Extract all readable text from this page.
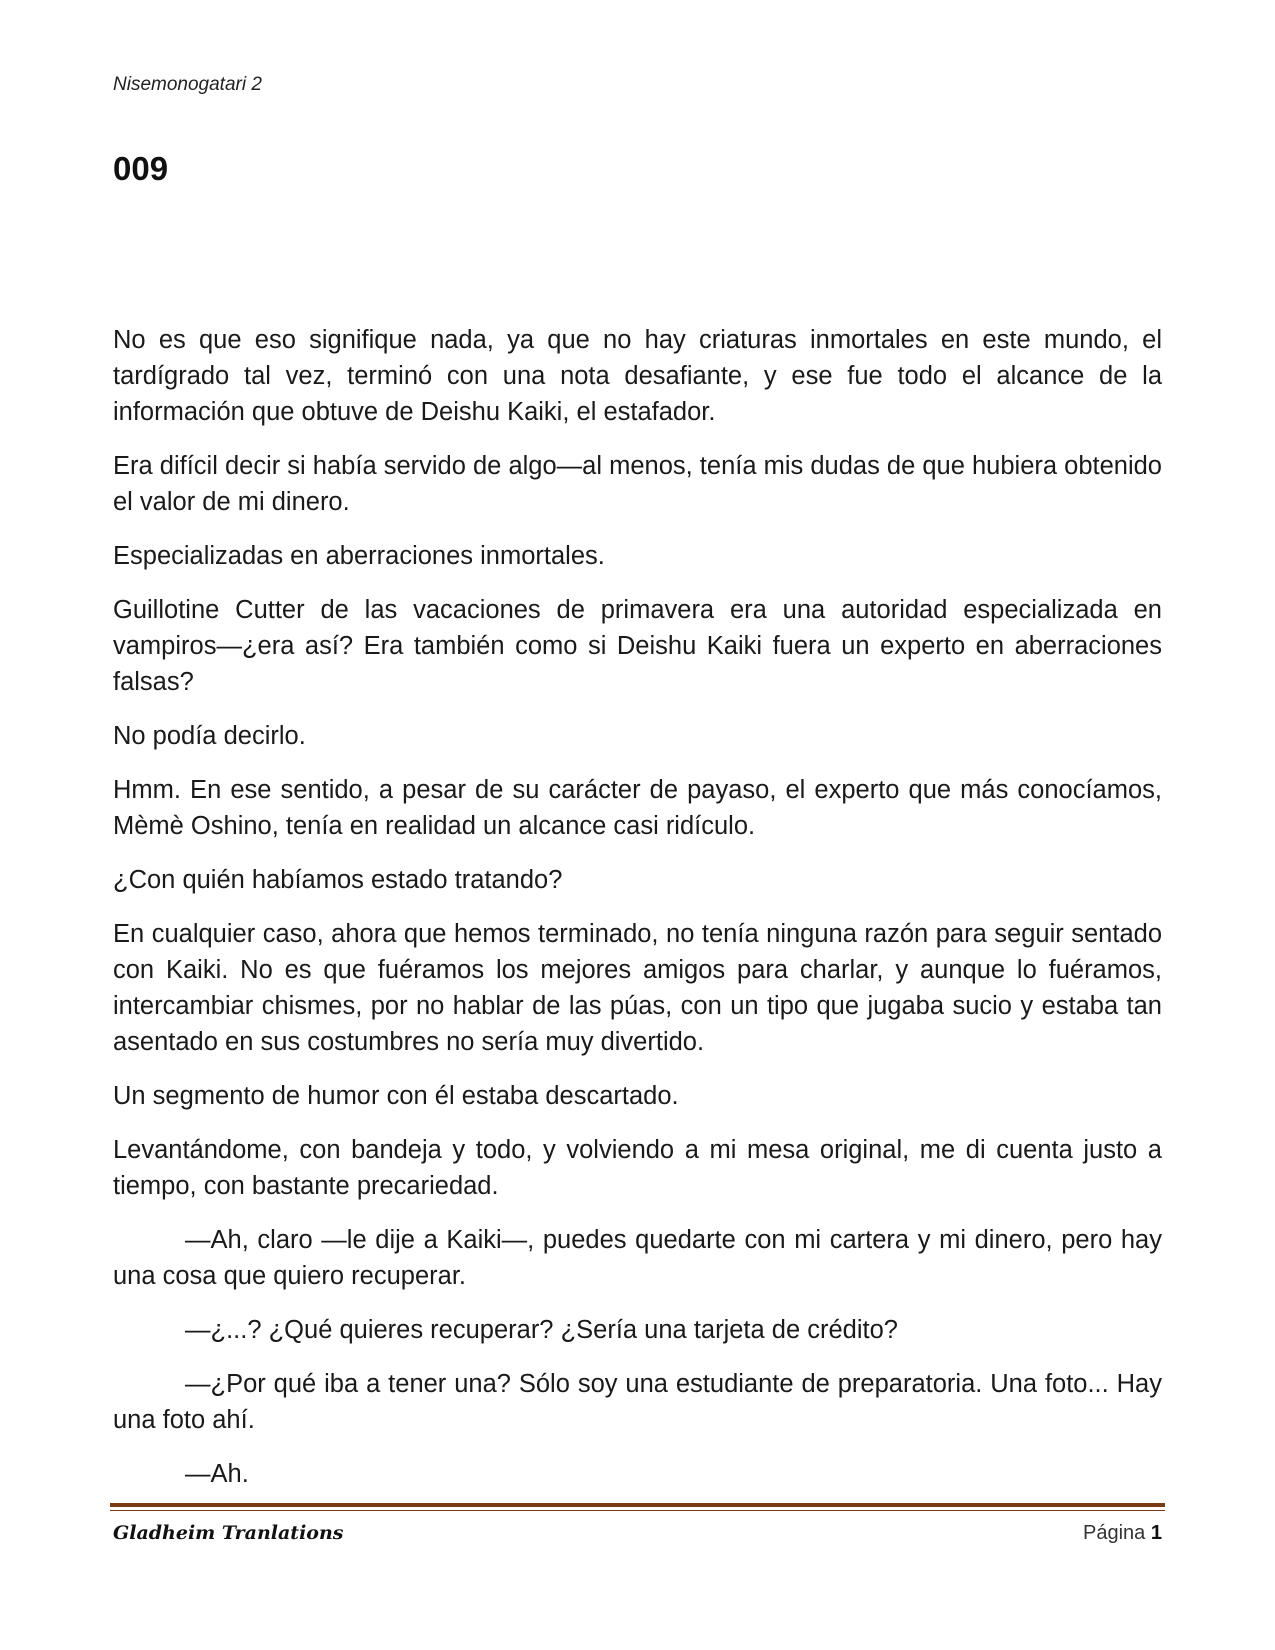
Nisemonogatari 2
009

No es que eso signifique nada, ya que no hay criaturas inmortales en este mundo, el tardígrado tal vez, terminó con una nota desafiante, y ese fue todo el alcance de la información que obtuve de Deishu Kaiki, el estafador.

Era difícil decir si había servido de algo—al menos, tenía mis dudas de que hubiera obtenido el valor de mi dinero.

Especializadas en aberraciones inmortales.

Guillotine Cutter de las vacaciones de primavera era una autoridad especializada en vampiros—¿era así? Era también como si Deishu Kaiki fuera un experto en aberraciones falsas?

No podía decirlo.

Hmm. En ese sentido, a pesar de su carácter de payaso, el experto que más conocíamos, Mèmè Oshino, tenía en realidad un alcance casi ridículo.

¿Con quién habíamos estado tratando?

En cualquier caso, ahora que hemos terminado, no tenía ninguna razón para seguir sentado con Kaiki. No es que fuéramos los mejores amigos para charlar, y aunque lo fuéramos, intercambiar chismes, por no hablar de las púas, con un tipo que jugaba sucio y estaba tan asentado en sus costumbres no sería muy divertido.

Un segmento de humor con él estaba descartado.

Levantándome, con bandeja y todo, y volviendo a mi mesa original, me di cuenta justo a tiempo, con bastante precariedad.

—Ah, claro —le dije a Kaiki—, puedes quedarte con mi cartera y mi dinero, pero hay una cosa que quiero recuperar.

—¿...? ¿Qué quieres recuperar? ¿Sería una tarjeta de crédito?

—¿Por qué iba a tener una? Sólo soy una estudiante de preparatoria. Una foto... Hay una foto ahí.

—Ah.

Gladheim Tranlations	Página 1
